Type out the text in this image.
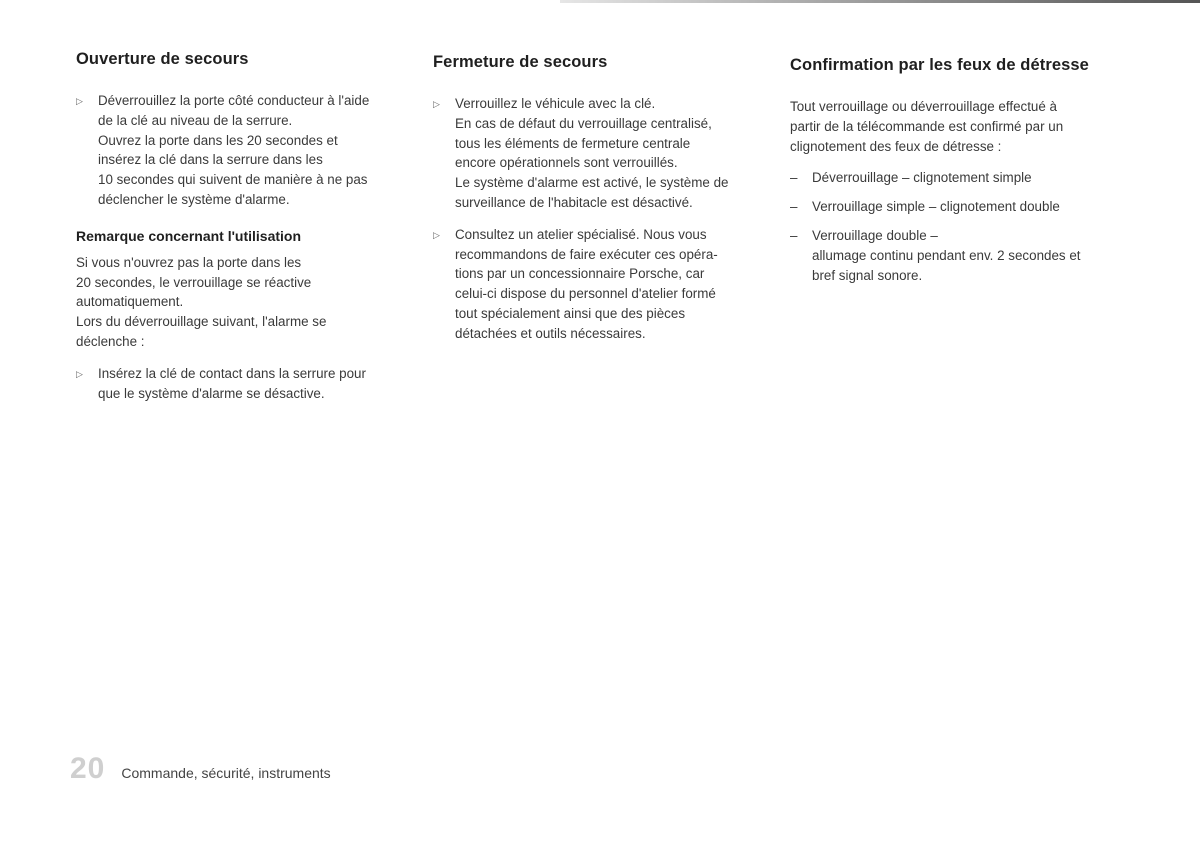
Ouverture de secours
▷	Déverrouillez la porte côté conducteur à l'aide
de la clé au niveau de la serrure.
Ouvrez la porte dans les 20 secondes et
insérez la clé dans la serrure dans les
10 secondes qui suivent de manière à ne pas
déclencher le système d'alarme.
Remarque concernant l'utilisation
Si vous n'ouvrez pas la porte dans les
20 secondes, le verrouillage se réactive
automatiquement.
Lors du déverrouillage suivant, l'alarme se
déclenche :
▷	Insérez la clé de contact dans la serrure pour
que le système d'alarme se désactive.
Fermeture de secours
▷	Verrouillez le véhicule avec la clé.
En cas de défaut du verrouillage centralisé,
tous les éléments de fermeture centrale
encore opérationnels sont verrouillés.
Le système d'alarme est activé, le système de
surveillance de l'habitacle est désactivé.
▷	Consultez un atelier spécialisé. Nous vous
recommandons de faire exécuter ces opéra-
tions par un concessionnaire Porsche, car
celui-ci dispose du personnel d'atelier formé
tout spécialement ainsi que des pièces
détachées et outils nécessaires.
Confirmation par les feux de détresse
Tout verrouillage ou déverrouillage effectué à
partir de la télécommande est confirmé par un
clignotement des feux de détresse :
–	Déverrouillage – clignotement simple
–	Verrouillage simple – clignotement double
–	Verrouillage double –
allumage continu pendant env. 2 secondes et
bref signal sonore.
20 Commande, sécurité, instruments
